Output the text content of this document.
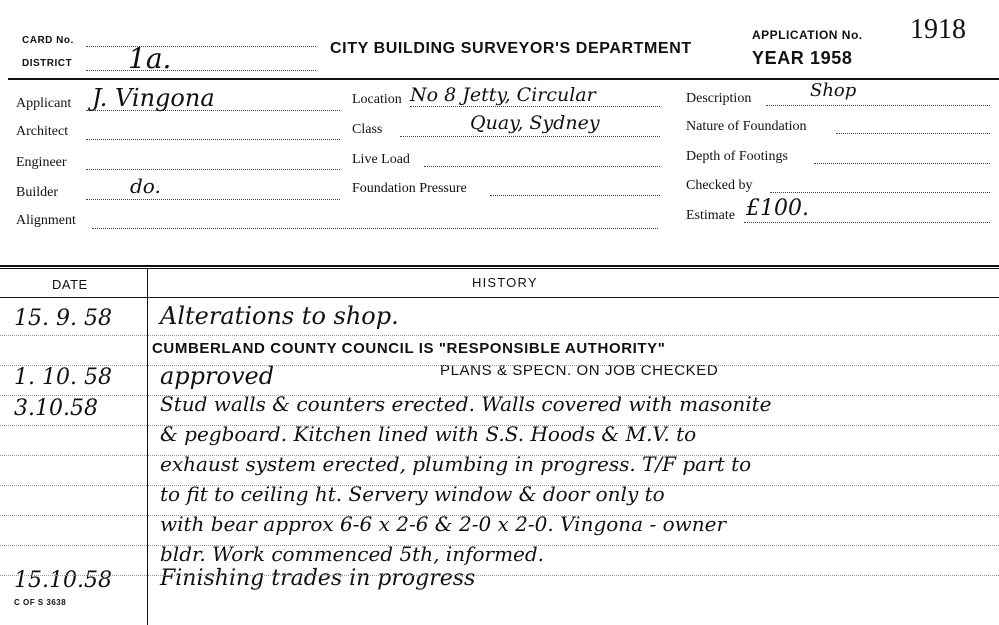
CARD No.
DISTRICT 1a.	CITY BUILDING SURVEYOR'S DEPARTMENT
APPLICATION No. 1918
YEAR 1958
Applicant J. Vingona
Architect
Engineer
Builder	do.
Alignment
Location No 8 Jetty, Circular
Class	Quay, Sydney
Live Load
Foundation Pressure
Description	Shop
Nature of Foundation
Depth of Footings
Checked by
Estimate £100.
DATE	HISTORY
15. 9. 58 Alterations to shop.
CUMBERLAND COUNTY COUNCIL IS "RESPONSIBLE AUTHORITY"
1. 10. 58 approved	PLANS & SPECN. ON JOB CHECKED
3.10.58	Stud walls & counters erected. Walls covered with masonite
& pegboard. Kitchen lined with S.S. Hoods & M.V. to
exhaust system erected, plumbing in progress. T/F part to
to fit to ceiling ht. Servery window & door only to
with bear approx 6-6 x 2-6 & 2-0 x 2-0. Vingona - owner
bldr. Work commenced 5th, informed.
15.10.58 Finishing trades in progress
C OF S 3638
